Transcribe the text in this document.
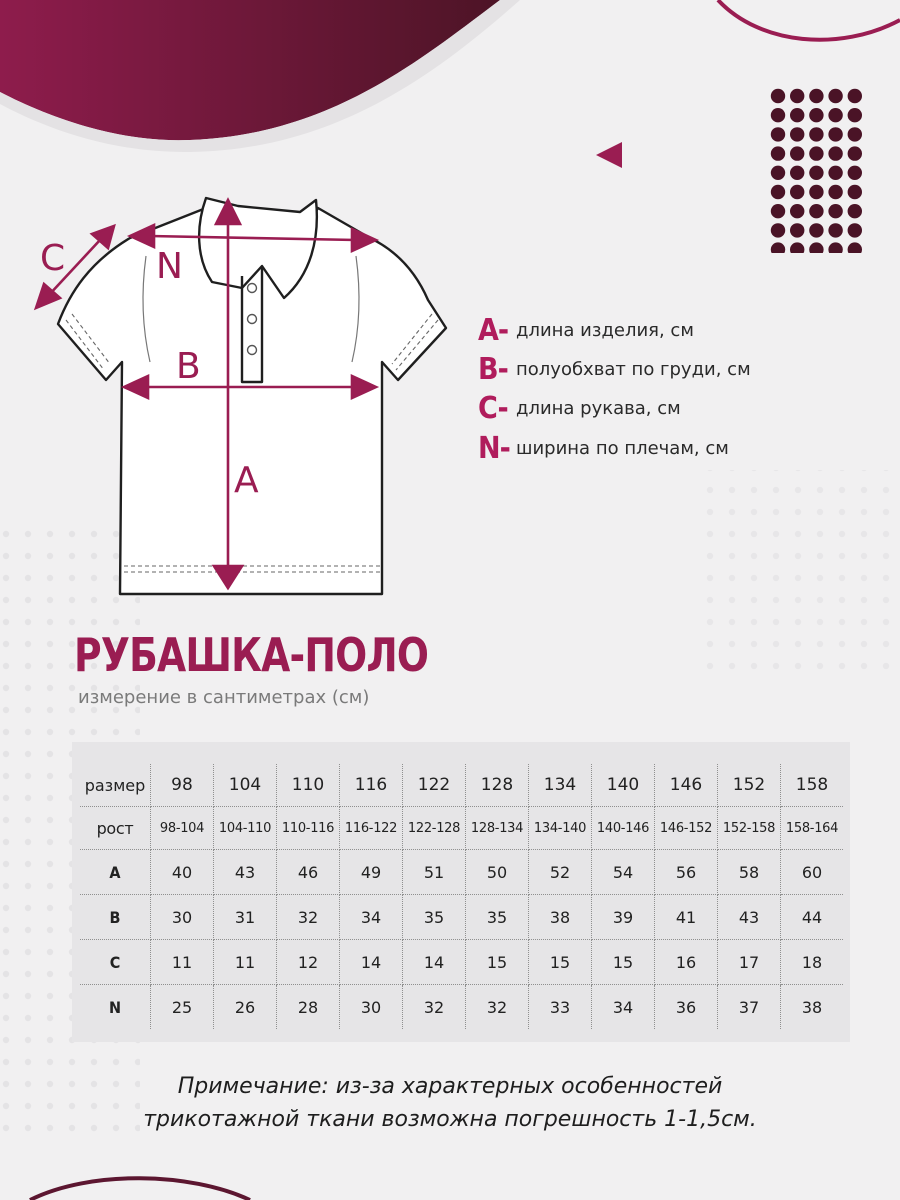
A
B
C	N
A- длина изделия, см
B- полуобхват по груди, см
C- длина рукава, см
N- ширина по плечам, см
РУБАШКА-ПОЛО
измерение в сантиметрах (см)
размер	98	104	110	116	122	128	134	140	146	152	158
рост	98-104	104-110	110-116	116-122	122-128	128-134	134-140	140-146	146-152	152-158	158-164
A	40	43	46	49	51	50	52	54	56	58	60
B	30	31	32	34	35	35	38	39	41	43	44
C	11	11	12	14	14	15	15	15	16	17	18
N	25	26	28	30	32	32	33	34	36	37	38
Примечание: из-за характерных особенностей
трикотажной ткани возможна погрешность 1-1,5см.
